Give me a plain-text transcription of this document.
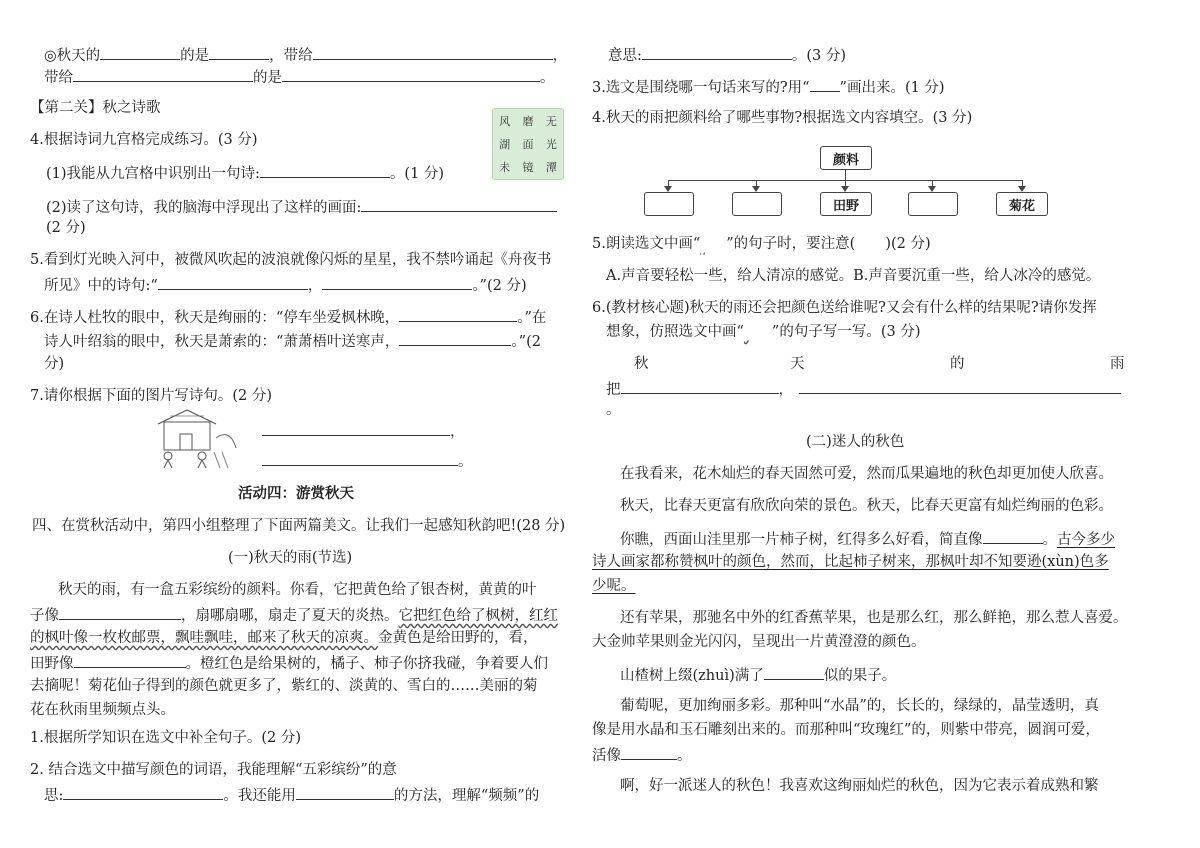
◎秋天的	的是	，带给	，
带给	的是	。
【第二关】秋之诗歌
风	磨	无
湖	面	光
未	镜	潭
4.根据诗词九宫格完成练习。(3 分)
(1)我能从九宫格中识别出一句诗:	。(1 分)
(2)读了这句诗，我的脑海中浮现出了这样的画面:
(2 分)
5.看到灯光映入河中，被微风吹起的波浪就像闪烁的星星，我不禁吟诵起《舟夜书
所见》中的诗句:“	，	。”(2 分)
6.在诗人杜牧的眼中，秋天是绚丽的：“停车坐爱枫林晚，	。”在
诗人叶绍翁的眼中，秋天是萧索的：“萧萧梧叶送寒声，	。”(2
分)
7.请你根据下面的图片写诗句。(2 分)
，
。
活动四：游赏秋天
四、在赏秋活动中，第四小组整理了下面两篇美文。让我们一起感知秋韵吧!(28 分)
(一)秋天的雨(节选)
秋天的雨，有一盒五彩缤纷的颜料。你看，它把黄色给了银杏树，黄黄的叶
子像	，扇哪扇哪，扇走了夏天的炎热。它把红色给了枫树，红红
的枫叶像一枚枚邮票，飘哇飘哇，邮来了秋天的凉爽。金黄色是给田野的，看，
田野像	。橙红色是给果树的，橘子、柿子你挤我碰，争着要人们
去摘呢！菊花仙子得到的颜色就更多了，紫红的、淡黄的、雪白的……美丽的菊
花在秋雨里频频点头。
1.根据所学知识在选文中补全句子。(2 分)
2. 结合选文中描写颜色的词语，我能理解“五彩缤纷”的意
思:	。我还能用	的方法，理解“频频”的
意思:	。(3 分)
3.选文是围绕哪一句话来写的?用“ ”画出来。(1 分)
4.秋天的雨把颜料给了哪些事物?根据选文内容填空。(3 分)
颜料
田野	菊花
5.朗读选文中画“ ”的句子时，要注意( )(2 分)
A.声音要轻松一些，给人清凉的感觉。B.声音要沉重一些，给人冰冷的感觉。
6.(教材核心题)秋天的雨还会把颜色送给谁呢?又会有什么样的结果呢?请你发挥
想象，仿照选文中画“ ”的句子写一写。(3 分)
秋	天	的	雨
把	，
。
(二)迷人的秋色
在我看来，花木灿烂的春天固然可爱，然而瓜果遍地的秋色却更加使人欣喜。
秋天，比春天更富有欣欣向荣的景色。秋天，比春天更富有灿烂绚丽的色彩。
你瞧，西面山洼里那一片柿子树，红得多么好看，简直像	。古今多少
诗人画家都称赞枫叶的颜色，然而，比起柿子树来，那枫叶却不知要逊(xùn)色多
少呢。
还有苹果，那驰名中外的红香蕉苹果，也是那么红，那么鲜艳，那么惹人喜爱。
大金帅苹果则金光闪闪，呈现出一片黄澄澄的颜色。
山楂树上缀(zhuì)满了	似的果子。
葡萄呢，更加绚丽多彩。那种叫“水晶”的，长长的，绿绿的，晶莹透明，真
像是用水晶和玉石雕刻出来的。而那种叫“玫瑰红”的，则紫中带亮，圆润可爱，
活像	。
啊，好一派迷人的秋色！我喜欢这绚丽灿烂的秋色，因为它表示着成熟和繁
